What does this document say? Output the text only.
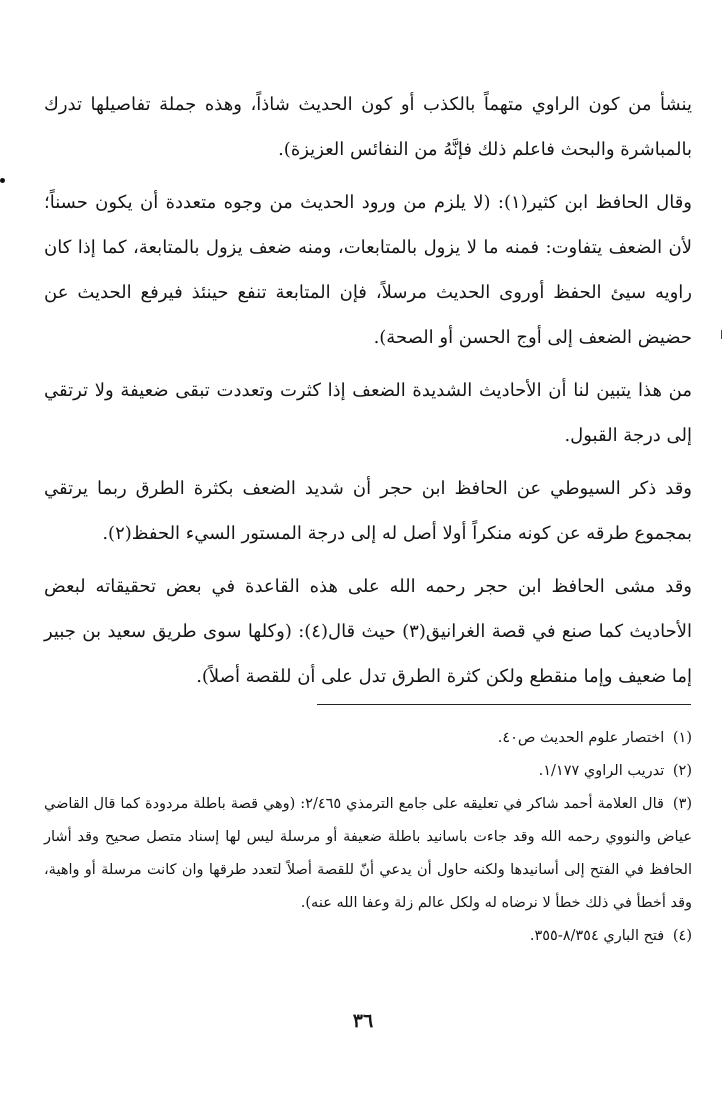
ينشأ من كون الراوي متهماً بالكذب أو كون الحديث شاذاً، وهذه جملة تفاصيلها تدرك بالمباشرة والبحث فاعلم ذلك فإنَّهُ من النفائس العزيزة).

وقال الحافظ ابن كثير(١): (لا يلزم من ورود الحديث من وجوه متعددة أن يكون حسناً؛ لأن الضعف يتفاوت: فمنه ما لا يزول بالمتابعات، ومنه ضعف يزول بالمتابعة، كما إذا كان راويه سيئ الحفظ أوروى الحديث مرسلاً، فإن المتابعة تنفع حينئذ فيرفع الحديث عن حضيض الضعف إلى أوج الحسن أو الصحة).

من هذا يتبين لنا أن الأحاديث الشديدة الضعف إذا كثرت وتعددت تبقى ضعيفة ولا ترتقي إلى درجة القبول.

وقد ذكر السيوطي عن الحافظ ابن حجر أن شديد الضعف بكثرة الطرق ربما يرتقي بمجموع طرقه عن كونه منكراً أولا أصل له إلى درجة المستور السيء الحفظ(٢).

وقد مشى الحافظ ابن حجر رحمه الله على هذه القاعدة في بعض تحقيقاته لبعض الأحاديث كما صنع في قصة الغرانيق(٣) حيث قال(٤): (وكلها سوى طريق سعيد بن جبير إما ضعيف وإما منقطع ولكن كثرة الطرق تدل على أن للقصة أصلاً).

(١) اختصار علوم الحديث ص٤٠.

(٢) تدريب الراوي ١/١٧٧.

(٣) قال العلامة أحمد شاكر في تعليقه على جامع الترمذي ٢/٤٦٥: (وهي قصة باطلة مردودة كما قال القاضي عياض والنووي رحمه الله وقد جاءت باسانيد باطلة ضعيفة أو مرسلة ليس لها إسناد متصل صحيح وقد أشار الحافظ في الفتح إلى أسانيدها ولكنه حاول أن يدعي أنّ للقصة أصلاً لتعدد طرقها وان كانت مرسلة أو واهية، وقد أخطأ في ذلك خطأ لا نرضاه له ولكل عالم زلة وعفا الله عنه).

(٤) فتح الباري ٨/٣٥٤-٣٥٥.

٣٦
